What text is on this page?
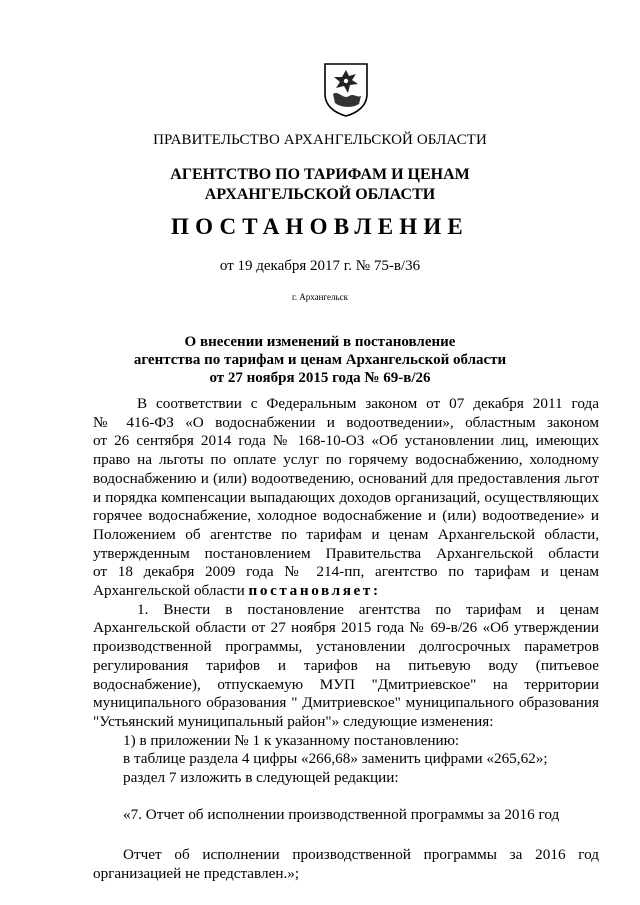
ПРАВИТЕЛЬСТВО АРХАНГЕЛЬСКОЙ ОБЛАСТИ
АГЕНТСТВО ПО ТАРИФАМ И ЦЕНАМ
АРХАНГЕЛЬСКОЙ ОБЛАСТИ
ПОСТАНОВЛЕНИЕ
от 19 декабря 2017 г. № 75-в/36
г. Архангельск
О внесении изменений в постановление
агентства по тарифам и ценам Архангельской области
от 27 ноября 2015 года № 69-в/26

В соответствии с Федеральным законом от 07 декабря 2011 года

№ 416-ФЗ «О водоснабжении и водоотведении», областным законом

от 26 сентября 2014 года № 168-10-ОЗ «Об установлении лиц, имеющих

право на льготы по оплате услуг по горячему водоснабжению, холодному

водоснабжению и (или) водоотведению, оснований для предоставления льгот

и порядка компенсации выпадающих доходов организаций, осуществляющих

горячее водоснабжение, холодное водоснабжение и (или) водоотведение» и

Положением об агентстве по тарифам и ценам Архангельской области,

утвержденным постановлением Правительства Архангельской области

от 18 декабря 2009 года № 214-пп, агентство по тарифам и ценам

Архангельской области постановляет:

1. Внести в постановление агентства по тарифам и ценам

Архангельской области от 27 ноября 2015 года № 69-в/26 «Об утверждении

производственной программы, установлении долгосрочных параметров

регулирования тарифов и тарифов на питьевую воду (питьевое

водоснабжение), отпускаемую МУП "Дмитриевское" на территории

муниципального образования " Дмитриевское" муниципального образования

"Устьянский муниципальный район"» следующие изменения:

1) в приложении № 1 к указанному постановлению:

в таблице раздела 4 цифры «266,68» заменить цифрами «265,62»;

раздел 7 изложить в следующей редакции:

«7. Отчет об исполнении производственной программы за 2016 год

Отчет об исполнении производственной программы за 2016 год

организацией не представлен.»;
